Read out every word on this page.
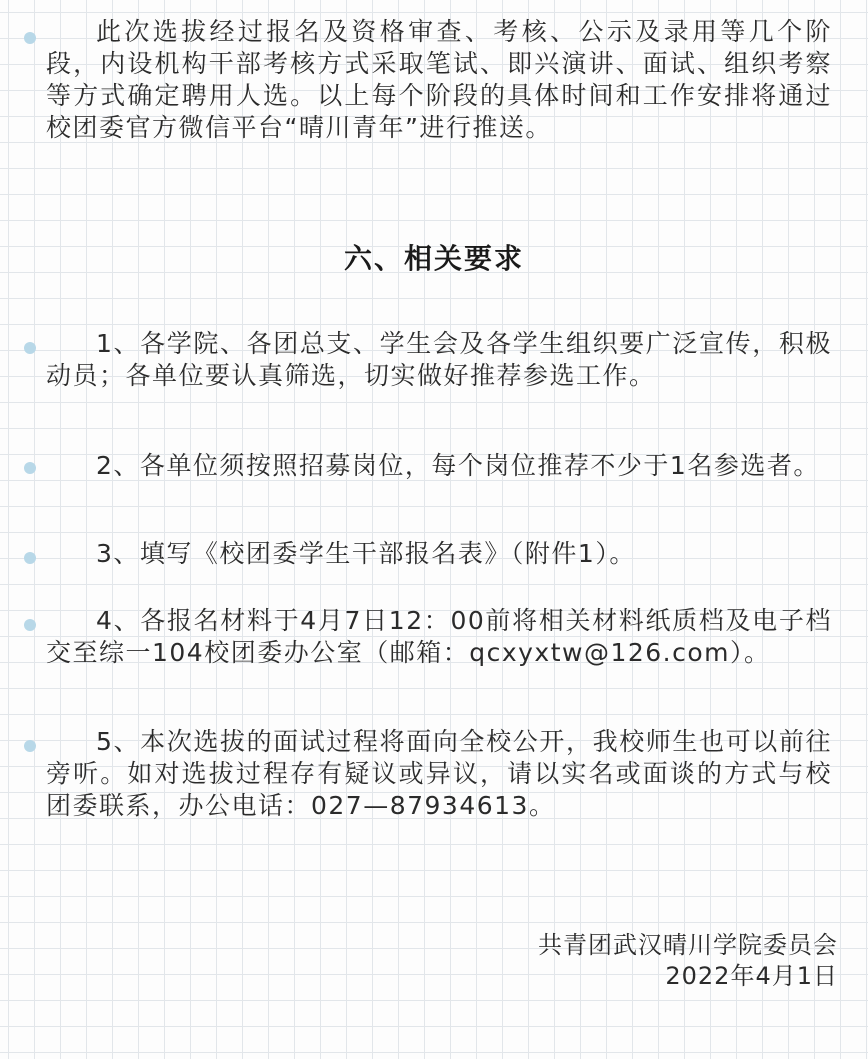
此次选拔经过报名及资格审查、考核、公示及录用等几个阶段，内设机构干部考核方式采取笔试、即兴演讲、面试、组织考察等方式确定聘用人选。以上每个阶段的具体时间和工作安排将通过校团委官方微信平台“晴川青年”进行推送。

六、相关要求

1、各学院、各团总支、学生会及各学生组织要广泛宣传，积极动员；各单位要认真筛选，切实做好推荐参选工作。

2、各单位须按照招募岗位，每个岗位推荐不少于1名参选者。

3、填写《校团委学生干部报名表》（附件1）。

4、各报名材料于4月7日12：00前将相关材料纸质档及电子档交至综一104校团委办公室（邮箱：qcxyxtw@126.com）。

5、本次选拔的面试过程将面向全校公开，我校师生也可以前往旁听。如对选拔过程存有疑议或异议，请以实名或面谈的方式与校团委联系，办公电话：027—87934613。

共青团武汉晴川学院委员会
2022年4月1日
